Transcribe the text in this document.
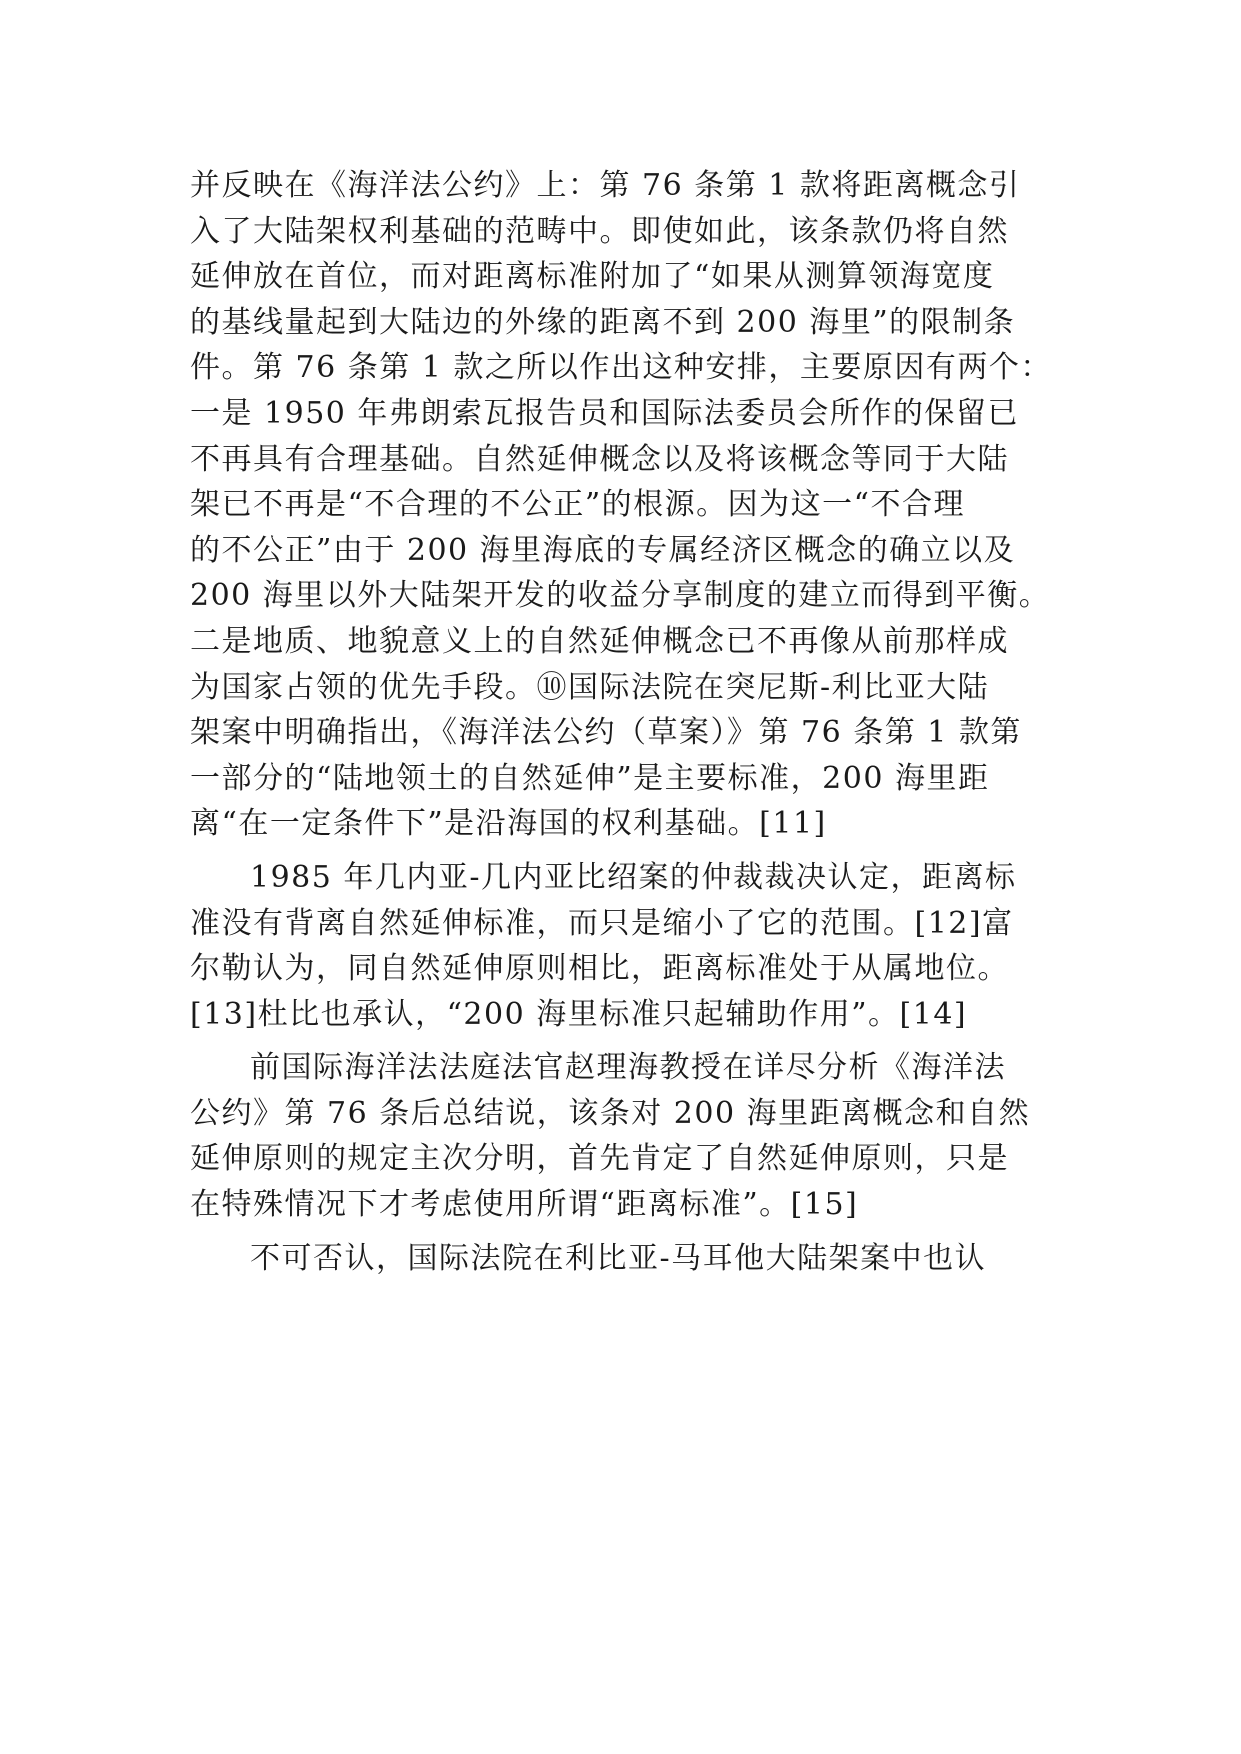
并反映在《海洋法公约》上：第 76 条第 1 款将距离概念引
入了大陆架权利基础的范畴中。即使如此，该条款仍将自然
延伸放在首位，而对距离标准附加了“如果从测算领海宽度
的基线量起到大陆边的外缘的距离不到 200 海里”的限制条
件。第 76 条第 1 款之所以作出这种安排，主要原因有两个：
一是 1950 年弗朗索瓦报告员和国际法委员会所作的保留已
不再具有合理基础。自然延伸概念以及将该概念等同于大陆
架已不再是“不合理的不公正”的根源。因为这一“不合理
的不公正”由于 200 海里海底的专属经济区概念的确立以及
200 海里以外大陆架开发的收益分享制度的建立而得到平衡。
二是地质、地貌意义上的自然延伸概念已不再像从前那样成
为国家占领的优先手段。⑩国际法院在突尼斯-利比亚大陆
架案中明确指出，《海洋法公约（草案）》第 76 条第 1 款第
一部分的“陆地领土的自然延伸”是主要标准，200 海里距
离“在一定条件下”是沿海国的权利基础。[11]
1985 年几内亚-几内亚比绍案的仲裁裁决认定，距离标
准没有背离自然延伸标准，而只是缩小了它的范围。[12]富
尔勒认为，同自然延伸原则相比，距离标准处于从属地位。
[13]杜比也承认，“200 海里标准只起辅助作用”。[14]
前国际海洋法法庭法官赵理海教授在详尽分析《海洋法
公约》第 76 条后总结说，该条对 200 海里距离概念和自然
延伸原则的规定主次分明，首先肯定了自然延伸原则，只是
在特殊情况下才考虑使用所谓“距离标准”。[15]
不可否认，国际法院在利比亚-马耳他大陆架案中也认
